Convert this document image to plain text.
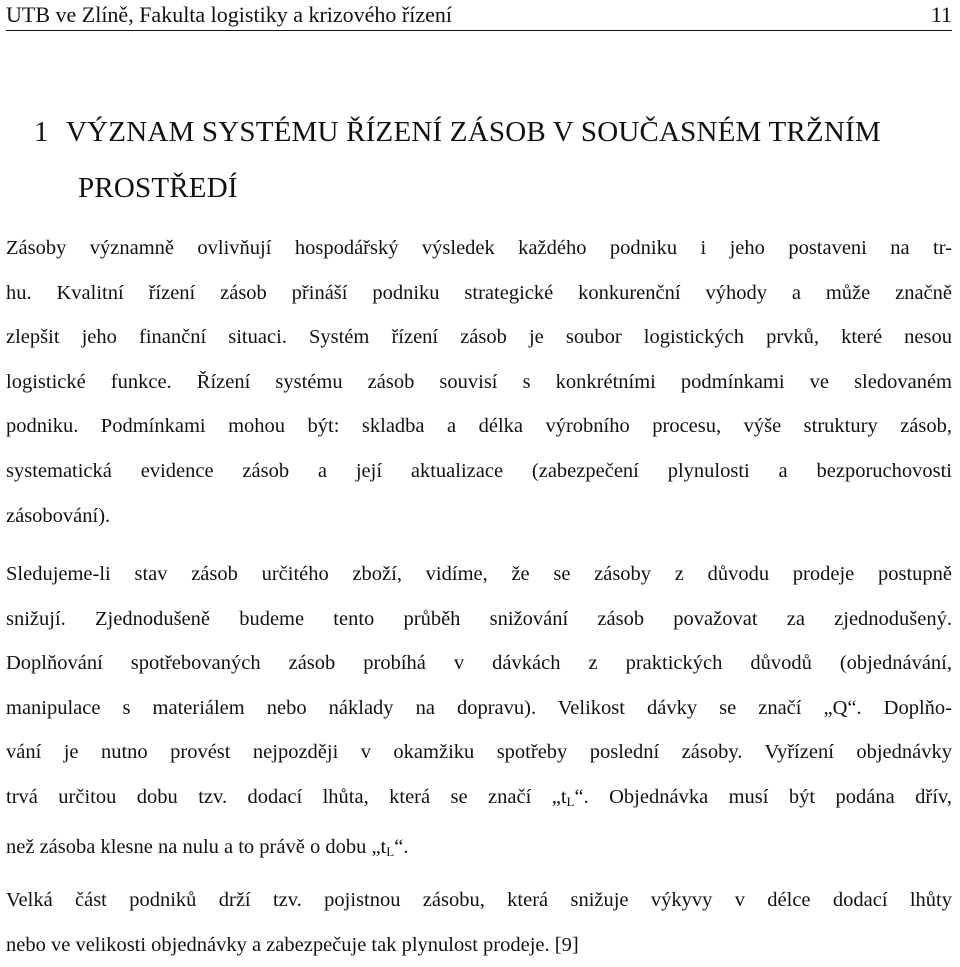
UTB ve Zlíně, Fakulta logistiky a krizového řízení	11
1 VÝZNAM SYSTÉMU ŘÍZENÍ ZÁSOB V SOUČASNÉM TRŽNÍM
PROSTŘEDÍ

Zásoby významně ovlivňují hospodářský výsledek každého podniku i jeho postaveni na tr-
hu. Kvalitní řízení zásob přináší podniku strategické konkurenční výhody a může značně
zlepšit jeho finanční situaci. Systém řízení zásob je soubor logistických prvků, které nesou
logistické funkce. Řízení systému zásob souvisí s konkrétními podmínkami ve sledovaném
podniku. Podmínkami mohou být: skladba a délka výrobního procesu, výše struktury zásob,
systematická evidence zásob a její aktualizace (zabezpečení plynulosti a bezporuchovosti
zásobování).

Sledujeme-li stav zásob určitého zboží, vidíme, že se zásoby z důvodu prodeje postupně
snižují. Zjednodušeně budeme tento průběh snižování zásob považovat za zjednodušený.
Doplňování spotřebovaných zásob probíhá v dávkách z praktických důvodů (objednávání,
manipulace s materiálem nebo náklady na dopravu). Velikost dávky se značí „Q“. Doplňo-
vání je nutno provést nejpozději v okamžiku spotřeby poslední zásoby. Vyřízení objednávky
trvá určitou dobu tzv. dodací lhůta, která se značí $„t_L“$. Objednávka musí být podána dřív,
než zásoba klesne na nulu a to právě o dobu $„t_L“$.

Velká část podniků drží tzv. pojistnou zásobu, která snižuje výkyvy v délce dodací lhůty
nebo ve velikosti objednávky a zabezpečuje tak plynulost prodeje. [9]
